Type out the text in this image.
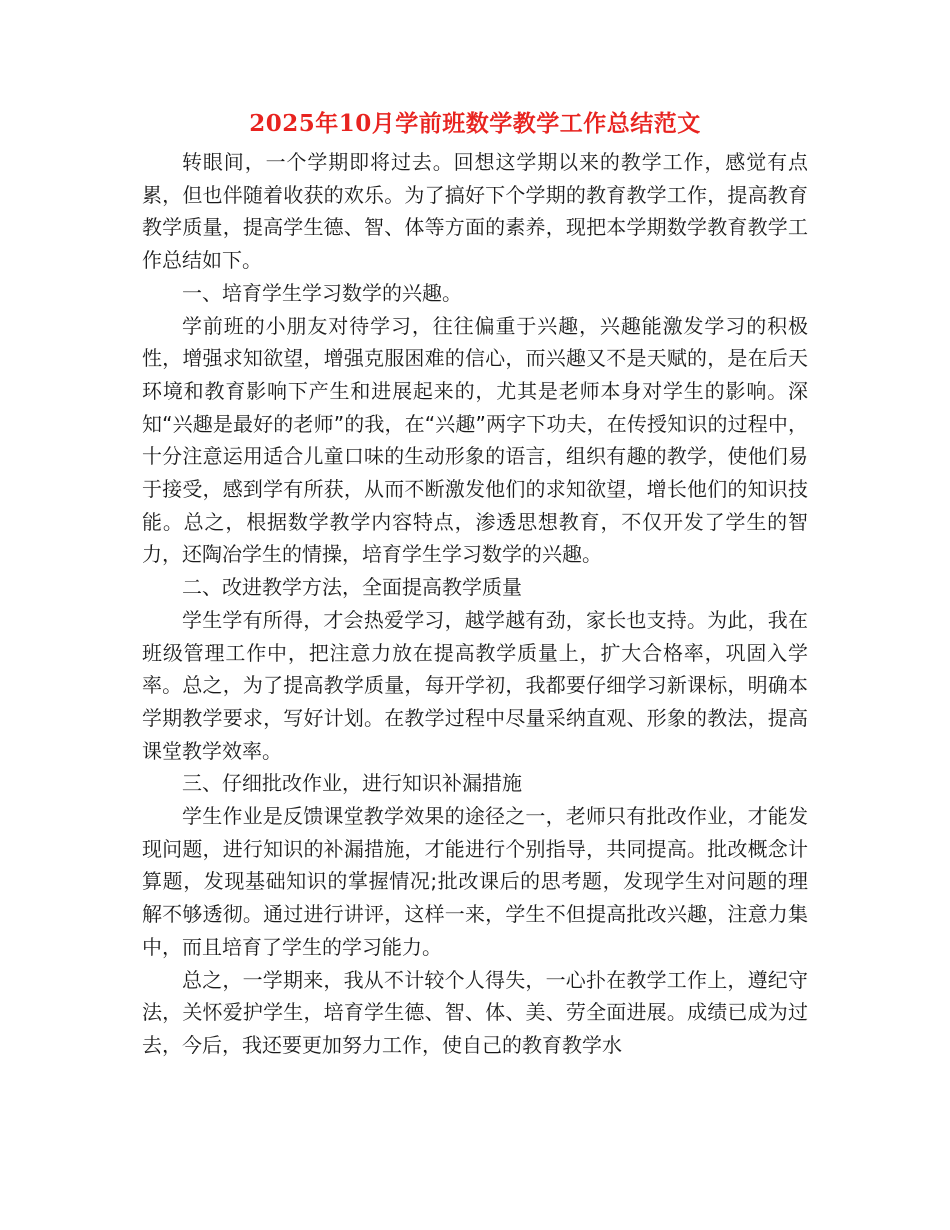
2025年10月学前班数学教学工作总结范文

转眼间，一个学期即将过去。回想这学期以来的教学工作，感觉有点累，但也伴随着收获的欢乐。为了搞好下个学期的教育教学工作，提高教育教学质量，提高学生德、智、体等方面的素养，现把本学期数学教育教学工作总结如下。

一、培育学生学习数学的兴趣。

学前班的小朋友对待学习，往往偏重于兴趣，兴趣能激发学习的积极性，增强求知欲望，增强克服困难的信心，而兴趣又不是天赋的，是在后天环境和教育影响下产生和进展起来的，尤其是老师本身对学生的影响。深知“兴趣是最好的老师”的我，在“兴趣”两字下功夫，在传授知识的过程中，十分注意运用适合儿童口味的生动形象的语言，组织有趣的教学，使他们易于接受，感到学有所获，从而不断激发他们的求知欲望，增长他们的知识技能。总之，根据数学教学内容特点，渗透思想教育，不仅开发了学生的智力，还陶冶学生的情操，培育学生学习数学的兴趣。

二、改进教学方法，全面提高教学质量

学生学有所得，才会热爱学习，越学越有劲，家长也支持。为此，我在班级管理工作中，把注意力放在提高教学质量上，扩大合格率，巩固入学率。总之，为了提高教学质量，每开学初，我都要仔细学习新课标，明确本学期教学要求，写好计划。在教学过程中尽量采纳直观、形象的教法，提高课堂教学效率。

三、仔细批改作业，进行知识补漏措施

学生作业是反馈课堂教学效果的途径之一，老师只有批改作业，才能发现问题，进行知识的补漏措施，才能进行个别指导，共同提高。批改概念计算题，发现基础知识的掌握情况;批改课后的思考题，发现学生对问题的理解不够透彻。通过进行讲评，这样一来，学生不但提高批改兴趣，注意力集中，而且培育了学生的学习能力。

总之，一学期来，我从不计较个人得失，一心扑在教学工作上，遵纪守法，关怀爱护学生，培育学生德、智、体、美、劳全面进展。成绩已成为过去，今后，我还要更加努力工作，使自己的教育教学水
